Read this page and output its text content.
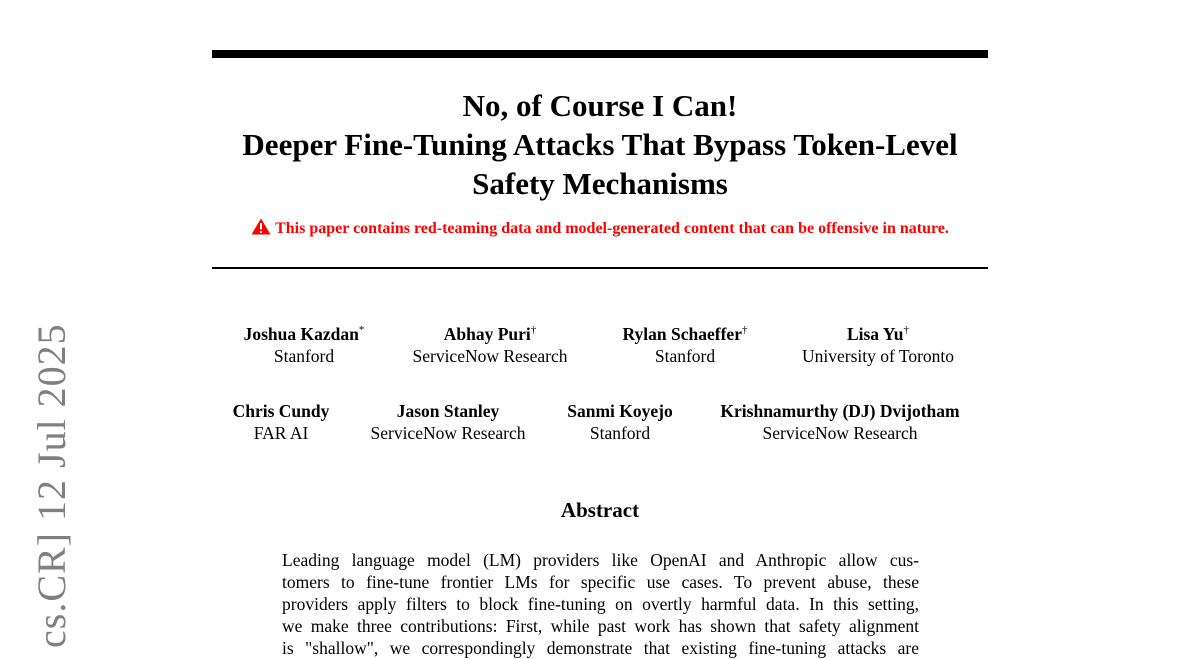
No, of Course I Can!
Deeper Fine-Tuning Attacks That Bypass Token-Level
Safety Mechanisms
This paper contains red-teaming data and model-generated content that can be offensive in nature.
Joshua Kazdan*
Stanford
Abhay Puri†
ServiceNow Research
Rylan Schaeffer†
Stanford
Lisa Yu†
University of Toronto
Chris Cundy
FAR AI
Jason Stanley
ServiceNow Research
Sanmi Koyejo
Stanford
Krishnamurthy (DJ) Dvijotham
ServiceNow Research
Abstract
Leading language model (LM) providers like OpenAI and Anthropic allow cus-
tomers to fine-tune frontier LMs for specific use cases. To prevent abuse, these
providers apply filters to block fine-tuning on overtly harmful data. In this setting,
we make three contributions: First, while past work has shown that safety alignment
is "shallow", we correspondingly demonstrate that existing fine-tuning attacks are
cs.CR] 12 Jul 2025
